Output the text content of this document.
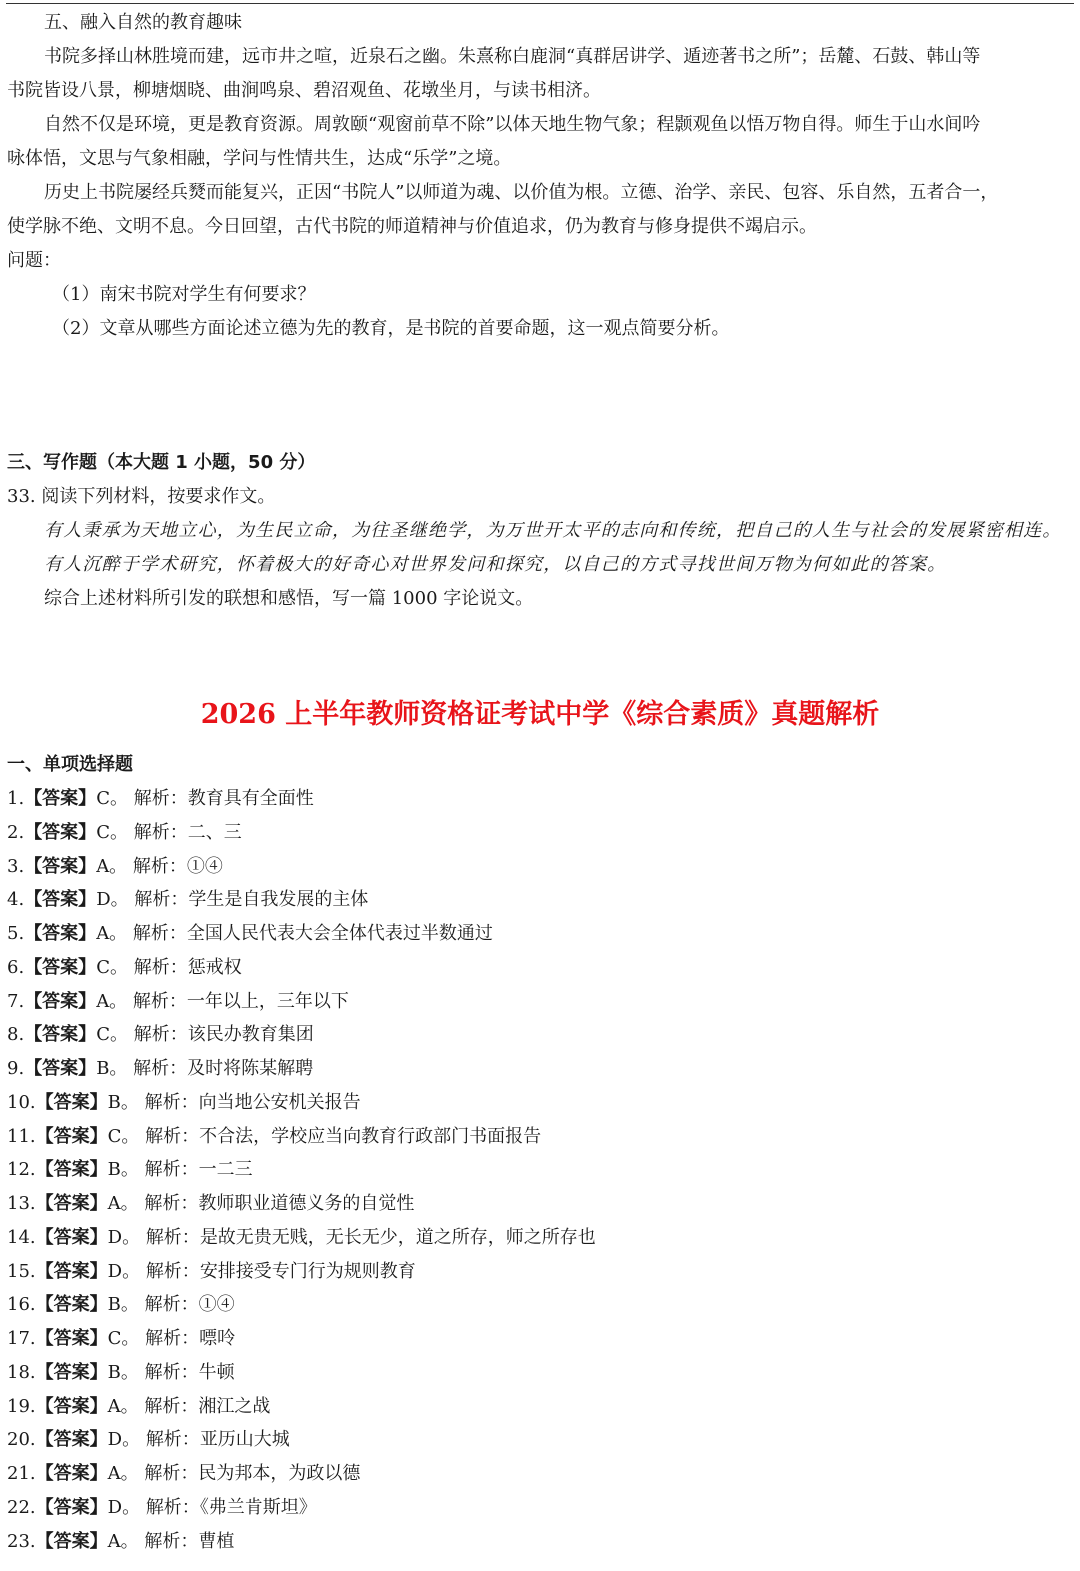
五、融入自然的教育趣味
书院多择山林胜境而建，远市井之喧，近泉石之幽。朱熹称白鹿洞“真群居讲学、遁迹著书之所”；岳麓、石鼓、韩山等
书院皆设八景，柳塘烟晓、曲涧鸣泉、碧沼观鱼、花墩坐月，与读书相济。
自然不仅是环境，更是教育资源。周敦颐“观窗前草不除”以体天地生物气象；程颢观鱼以悟万物自得。师生于山水间吟
咏体悟，文思与气象相融，学问与性情共生，达成“乐学”之境。
历史上书院屡经兵燹而能复兴，正因“书院人”以师道为魂、以价值为根。立德、治学、亲民、包容、乐自然，五者合一，
使学脉不绝、文明不息。今日回望，古代书院的师道精神与价值追求，仍为教育与修身提供不竭启示。
问题：
（1）南宋书院对学生有何要求？
（2）文章从哪些方面论述立德为先的教育，是书院的首要命题，这一观点简要分析。
三、写作题（本大题 1 小题，50 分）
33. 阅读下列材料，按要求作文。
有人秉承为天地立心，为生民立命，为往圣继绝学，为万世开太平的志向和传统，把自己的人生与社会的发展紧密相连。
有人沉醉于学术研究，怀着极大的好奇心对世界发问和探究，以自己的方式寻找世间万物为何如此的答案。
综合上述材料所引发的联想和感悟，写一篇 1000 字论说文。
2026 上半年教师资格证考试中学《综合素质》真题解析
一、单项选择题
1.【答案】C。 解析：教育具有全面性
2.【答案】C。 解析：二、三
3.【答案】A。 解析：①④
4.【答案】D。 解析：学生是自我发展的主体
5.【答案】A。 解析：全国人民代表大会全体代表过半数通过
6.【答案】C。 解析：惩戒权
7.【答案】A。 解析：一年以上，三年以下
8.【答案】C。 解析：该民办教育集团
9.【答案】B。 解析：及时将陈某解聘
10.【答案】B。 解析：向当地公安机关报告
11.【答案】C。 解析：不合法，学校应当向教育行政部门书面报告
12.【答案】B。 解析：一二三
13.【答案】A。 解析：教师职业道德义务的自觉性
14.【答案】D。 解析：是故无贵无贱，无长无少，道之所存，师之所存也
15.【答案】D。 解析：安排接受专门行为规则教育
16.【答案】B。 解析：①④
17.【答案】C。 解析：嘌呤
18.【答案】B。 解析：牛顿
19.【答案】A。 解析：湘江之战
20.【答案】D。 解析：亚历山大城
21.【答案】A。 解析：民为邦本，为政以德
22.【答案】D。 解析：《弗兰肯斯坦》
23.【答案】A。 解析：曹植
